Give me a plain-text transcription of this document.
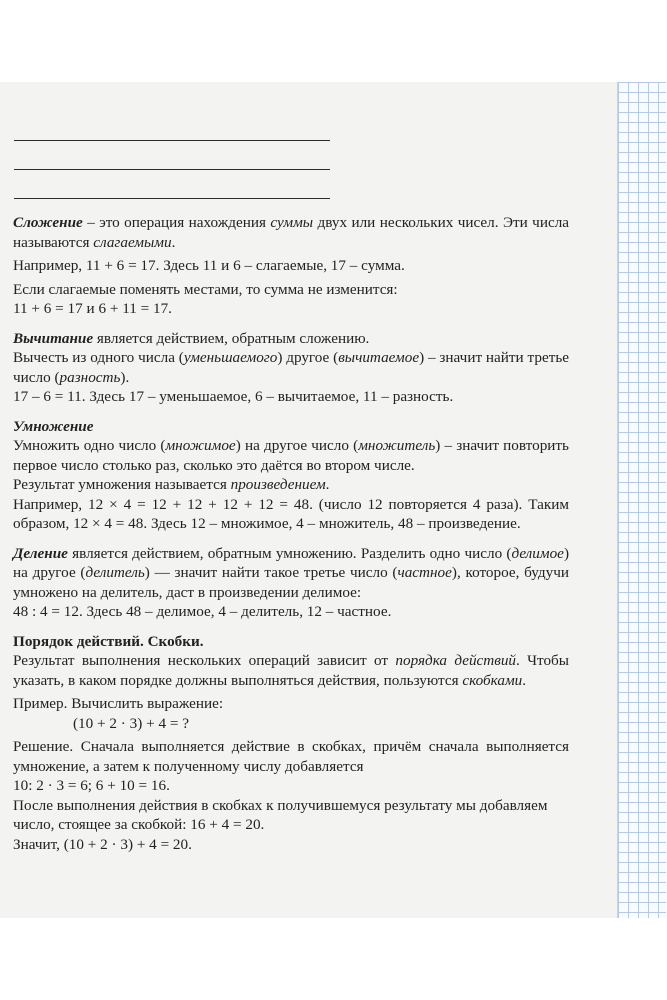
Сложение – это операция нахождения суммы двух или нескольких чисел. Эти числа называются слагаемыми.

Например, 11 + 6 = 17. Здесь 11 и 6 – слагаемые, 17 – сумма.

Если слагаемые поменять местами, то сумма не изменится:

11 + 6 = 17 и 6 + 11 = 17.

Вычитание является действием, обратным сложению.

Вычесть из одного числа (уменьшаемого) другое (вычитаемое) – значит найти третье число (разность).

17 – 6 = 11. Здесь 17 – уменьшаемое, 6 – вычитаемое, 11 – разность.

Умножение

Умножить одно число (множимое) на другое число (множитель) – значит повторить первое число столько раз, сколько это даётся во втором числе.

Результат умножения называется произведением.

Например, 12 × 4 = 12 + 12 + 12 + 12 = 48. (число 12 повторяется 4 раза). Таким образом, 12 × 4 = 48. Здесь 12 – множимое, 4 – множитель, 48 – произведение.

Деление является действием, обратным умножению. Разделить одно число (делимое) на другое (делитель) — значит найти такое третье число (частное), которое, будучи умножено на делитель, даст в произведении делимое:

48 : 4 = 12. Здесь 48 – делимое, 4 – делитель, 12 – частное.

Порядок действий. Скобки.

Результат выполнения нескольких операций зависит от порядка действий. Чтобы указать, в каком порядке должны выполняться действия, пользуются скобками.

Пример. Вычислить выражение:

(10 + 2 · 3) + 4 = ?

Решение. Сначала выполняется действие в скобках, причём сначала выполняется умножение, а затем к полученному числу добавляется

10: 2 · 3 = 6; 6 + 10 = 16.

После выполнения действия в скобках к получившемуся результату мы добавляем число, стоящее за скобкой: 16 + 4 = 20.

Значит, (10 + 2 · 3) + 4 = 20.
